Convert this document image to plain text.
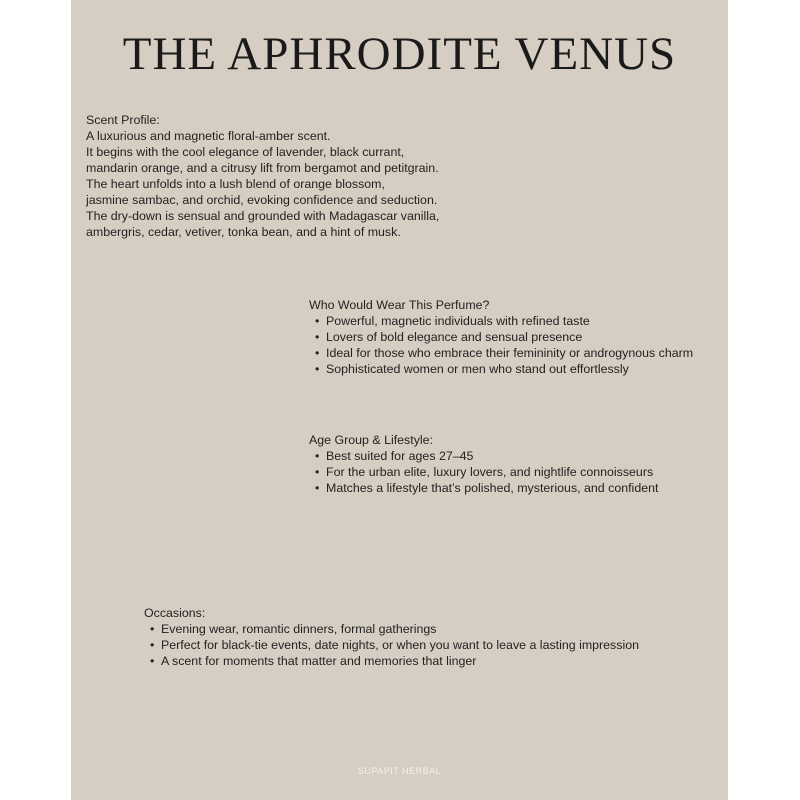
THE APHRODITE VENUS
Scent Profile:
A luxurious and magnetic floral-amber scent.
It begins with the cool elegance of lavender, black currant,
mandarin orange, and a citrusy lift from bergamot and petitgrain.
The heart unfolds into a lush blend of orange blossom,
jasmine sambac, and orchid, evoking confidence and seduction.
The dry-down is sensual and grounded with Madagascar vanilla,
ambergris, cedar, vetiver, tonka bean, and a hint of musk.
Who Would Wear This Perfume?
• Powerful, magnetic individuals with refined taste
• Lovers of bold elegance and sensual presence
• Ideal for those who embrace their femininity or androgynous charm
• Sophisticated women or men who stand out effortlessly
Age Group & Lifestyle:
• Best suited for ages 27–45
• For the urban elite, luxury lovers, and nightlife connoisseurs
• Matches a lifestyle that’s polished, mysterious, and confident
Occasions:
• Evening wear, romantic dinners, formal gatherings
• Perfect for black-tie events, date nights, or when you want to leave a lasting impression
• A scent for moments that matter and memories that linger
SUPAPIT HERBAL
